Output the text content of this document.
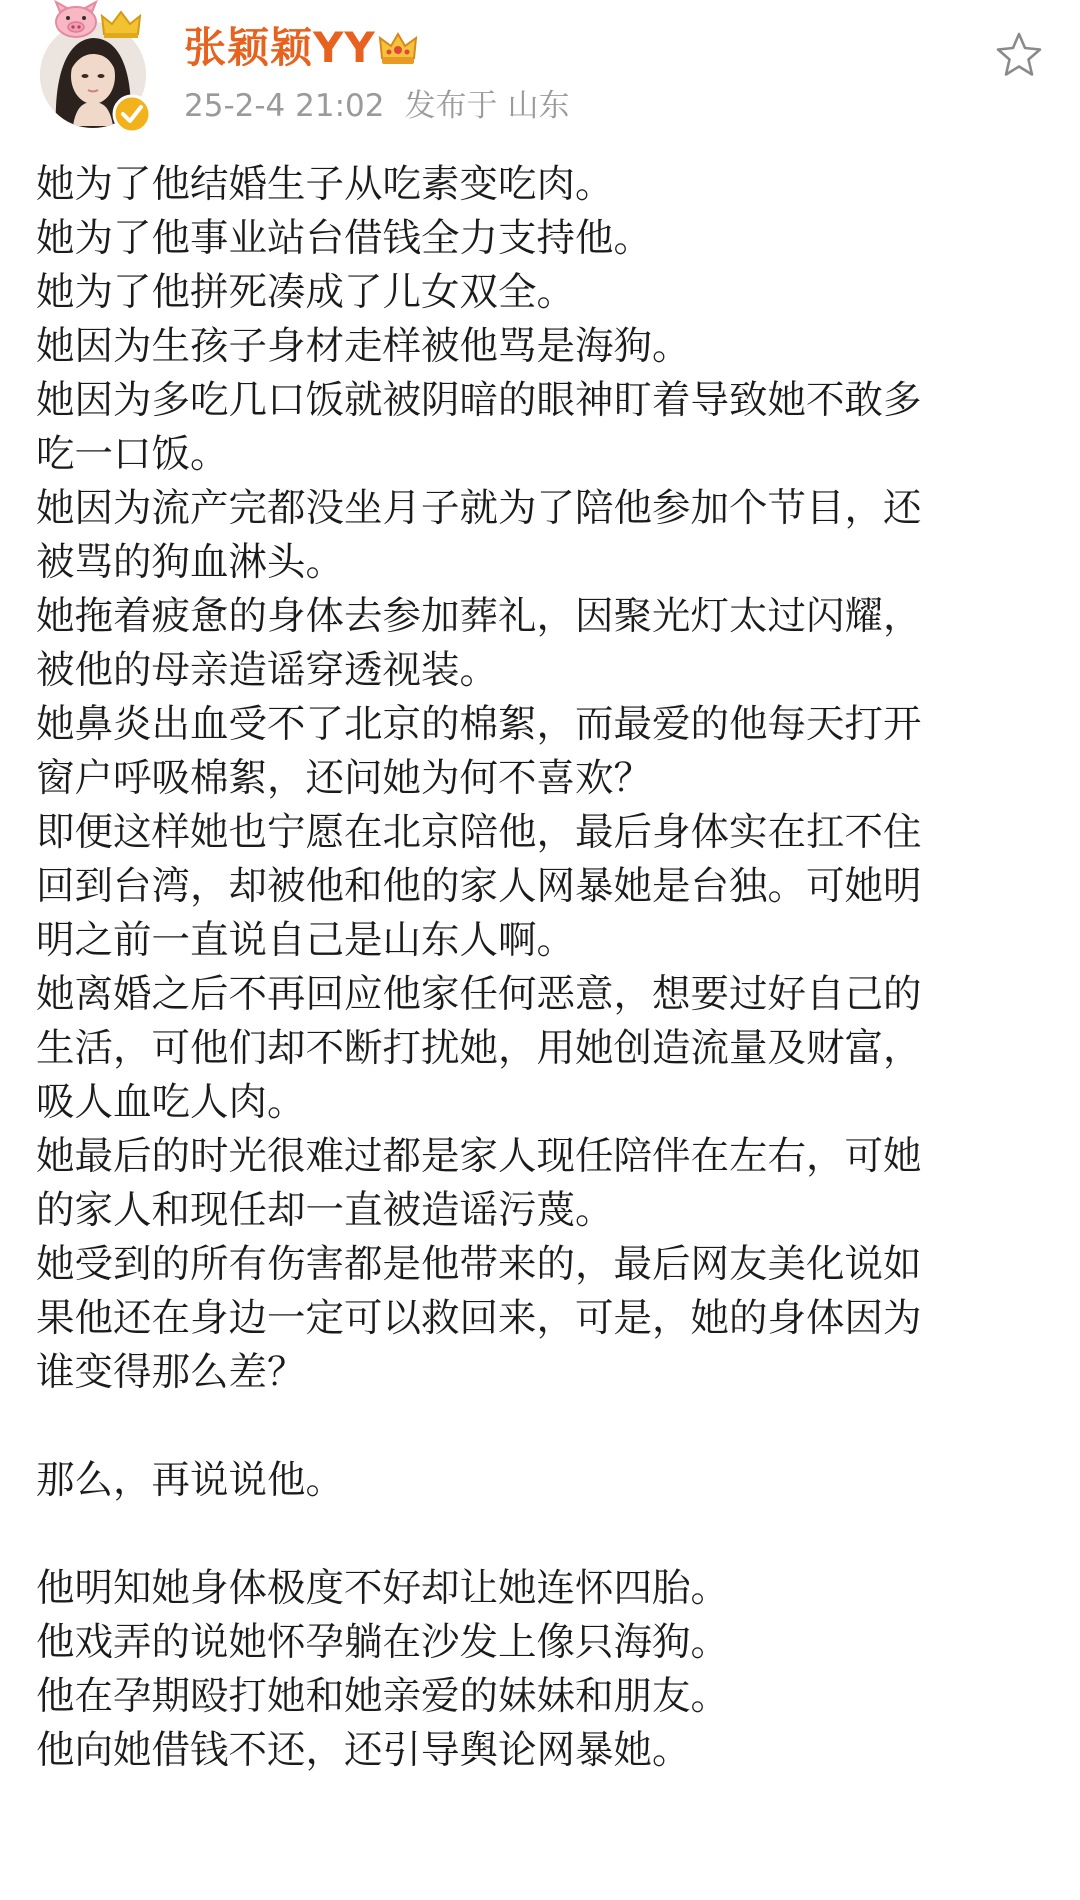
张颖颖YY
25-2-4 21:02 发布于 山东

她为了他结婚生子从吃素变吃肉。

她为了他事业站台借钱全力支持他。

她为了他拼死凑成了儿女双全。

她因为生孩子身材走样被他骂是海狗。

她因为多吃几口饭就被阴暗的眼神盯着导致她不敢多

吃一口饭。

她因为流产完都没坐月子就为了陪他参加个节目，还

被骂的狗血淋头。

她拖着疲惫的身体去参加葬礼，因聚光灯太过闪耀，

被他的母亲造谣穿透视装。

她鼻炎出血受不了北京的棉絮，而最爱的他每天打开

窗户呼吸棉絮，还问她为何不喜欢？

即便这样她也宁愿在北京陪他，最后身体实在扛不住

回到台湾，却被他和他的家人网暴她是台独。可她明

明之前一直说自己是山东人啊。

她离婚之后不再回应他家任何恶意，想要过好自己的

生活，可他们却不断打扰她，用她创造流量及财富，

吸人血吃人肉。

她最后的时光很难过都是家人现任陪伴在左右，可她

的家人和现任却一直被造谣污蔑。

她受到的所有伤害都是他带来的，最后网友美化说如

果他还在身边一定可以救回来，可是，她的身体因为

谁变得那么差？

那么，再说说他。

他明知她身体极度不好却让她连怀四胎。

他戏弄的说她怀孕躺在沙发上像只海狗。

他在孕期殴打她和她亲爱的妹妹和朋友。

他向她借钱不还，还引导舆论网暴她。
